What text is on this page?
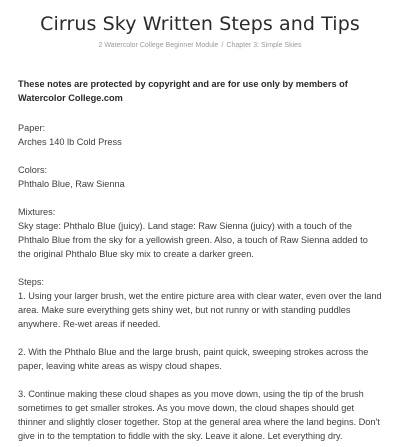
Cirrus Sky Written Steps and Tips
2 Watercolor College Beginner Module / Chapter 3: Simple Skies

These notes are protected by copyright and are for use only by members of Watercolor College.com

Paper:
Arches 140 lb Cold Press

Colors:
Phthalo Blue, Raw Sienna

Mixtures:
Sky stage: Phthalo Blue (juicy). Land stage: Raw Sienna (juicy) with a touch of the Phthalo Blue from the sky for a yellowish green. Also, a touch of Raw Sienna added to the original Phthalo Blue sky mix to create a darker green.

Steps:
1. Using your larger brush, wet the entire picture area with clear water, even over the land area. Make sure everything gets shiny wet, but not runny or with standing puddles anywhere. Re-wet areas if needed.

2. With the Phthalo Blue and the large brush, paint quick, sweeping strokes across the paper, leaving white areas as wispy cloud shapes.

3. Continue making these cloud shapes as you move down, using the tip of the brush sometimes to get smaller strokes. As you move down, the cloud shapes should get thinner and slightly closer together. Stop at the general area where the land begins. Don't give in to the temptation to fiddle with the sky. Leave it alone. Let everything dry.
